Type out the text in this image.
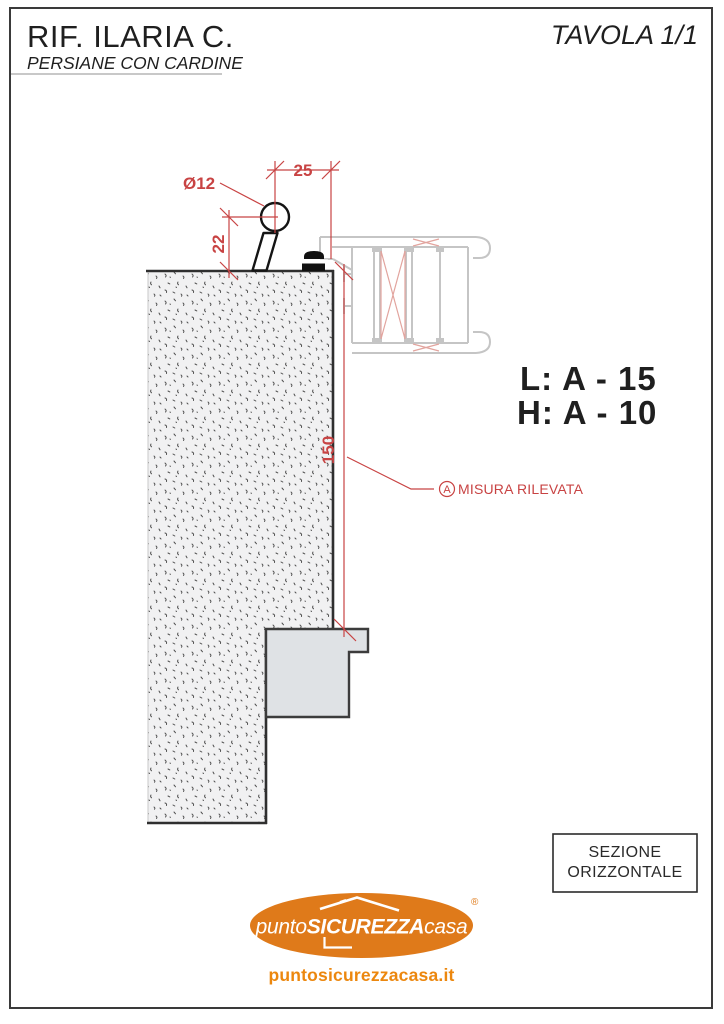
RIF. ILARIA C.
PERSIANE CON CARDINE
TAVOLA 1/1
25
Ø12
22
150
A MISURA RILEVATA
L: A - 15
H: A - 10
SEZIONE
ORIZZONTALE
puntoSICUREZZAcasa
®
puntosicurezzacasa.it
